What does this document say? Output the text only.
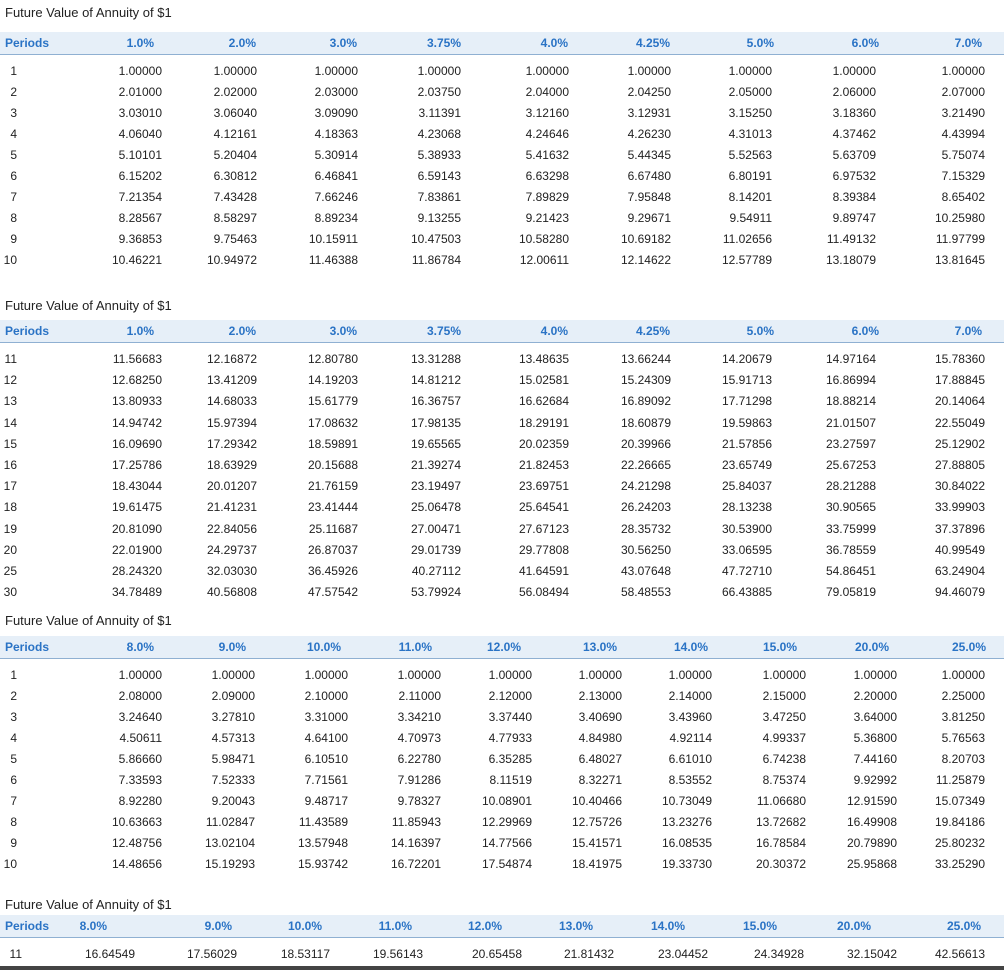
Future Value of Annuity of $1
Periods	1.0%	2.0%	3.0%	3.75%	4.0%	4.25%	5.0%	6.0%	7.0%
1	1.00000	1.00000	1.00000	1.00000	1.00000	1.00000	1.00000	1.00000	1.00000
2	2.01000	2.02000	2.03000	2.03750	2.04000	2.04250	2.05000	2.06000	2.07000
3	3.03010	3.06040	3.09090	3.11391	3.12160	3.12931	3.15250	3.18360	3.21490
4	4.06040	4.12161	4.18363	4.23068	4.24646	4.26230	4.31013	4.37462	4.43994
5	5.10101	5.20404	5.30914	5.38933	5.41632	5.44345	5.52563	5.63709	5.75074
6	6.15202	6.30812	6.46841	6.59143	6.63298	6.67480	6.80191	6.97532	7.15329
7	7.21354	7.43428	7.66246	7.83861	7.89829	7.95848	8.14201	8.39384	8.65402
8	8.28567	8.58297	8.89234	9.13255	9.21423	9.29671	9.54911	9.89747	10.25980
9	9.36853	9.75463	10.15911	10.47503	10.58280	10.69182	11.02656	11.49132	11.97799
10	10.46221	10.94972	11.46388	11.86784	12.00611	12.14622	12.57789	13.18079	13.81645
Future Value of Annuity of $1
Periods	1.0%	2.0%	3.0%	3.75%	4.0%	4.25%	5.0%	6.0%	7.0%
11	11.56683	12.16872	12.80780	13.31288	13.48635	13.66244	14.20679	14.97164	15.78360
12	12.68250	13.41209	14.19203	14.81212	15.02581	15.24309	15.91713	16.86994	17.88845
13	13.80933	14.68033	15.61779	16.36757	16.62684	16.89092	17.71298	18.88214	20.14064
14	14.94742	15.97394	17.08632	17.98135	18.29191	18.60879	19.59863	21.01507	22.55049
15	16.09690	17.29342	18.59891	19.65565	20.02359	20.39966	21.57856	23.27597	25.12902
16	17.25786	18.63929	20.15688	21.39274	21.82453	22.26665	23.65749	25.67253	27.88805
17	18.43044	20.01207	21.76159	23.19497	23.69751	24.21298	25.84037	28.21288	30.84022
18	19.61475	21.41231	23.41444	25.06478	25.64541	26.24203	28.13238	30.90565	33.99903
19	20.81090	22.84056	25.11687	27.00471	27.67123	28.35732	30.53900	33.75999	37.37896
20	22.01900	24.29737	26.87037	29.01739	29.77808	30.56250	33.06595	36.78559	40.99549
25	28.24320	32.03030	36.45926	40.27112	41.64591	43.07648	47.72710	54.86451	63.24904
30	34.78489	40.56808	47.57542	53.79924	56.08494	58.48553	66.43885	79.05819	94.46079
Future Value of Annuity of $1
Periods	8.0%	9.0%	10.0%	11.0%	12.0%	13.0%	14.0%	15.0%	20.0%	25.0%
1	1.00000	1.00000	1.00000	1.00000	1.00000	1.00000	1.00000	1.00000	1.00000	1.00000
2	2.08000	2.09000	2.10000	2.11000	2.12000	2.13000	2.14000	2.15000	2.20000	2.25000
3	3.24640	3.27810	3.31000	3.34210	3.37440	3.40690	3.43960	3.47250	3.64000	3.81250
4	4.50611	4.57313	4.64100	4.70973	4.77933	4.84980	4.92114	4.99337	5.36800	5.76563
5	5.86660	5.98471	6.10510	6.22780	6.35285	6.48027	6.61010	6.74238	7.44160	8.20703
6	7.33593	7.52333	7.71561	7.91286	8.11519	8.32271	8.53552	8.75374	9.92992	11.25879
7	8.92280	9.20043	9.48717	9.78327	10.08901	10.40466	10.73049	11.06680	12.91590	15.07349
8	10.63663	11.02847	11.43589	11.85943	12.29969	12.75726	13.23276	13.72682	16.49908	19.84186
9	12.48756	13.02104	13.57948	14.16397	14.77566	15.41571	16.08535	16.78584	20.79890	25.80232
10	14.48656	15.19293	15.93742	16.72201	17.54874	18.41975	19.33730	20.30372	25.95868	33.25290
Future Value of Annuity of $1
Periods	8.0%	9.0%	10.0%	11.0%	12.0%	13.0%	14.0%	15.0%	20.0%	25.0%
11	16.64549	17.56029	18.53117	19.56143	20.65458	21.81432	23.04452	24.34928	32.15042	42.56613
